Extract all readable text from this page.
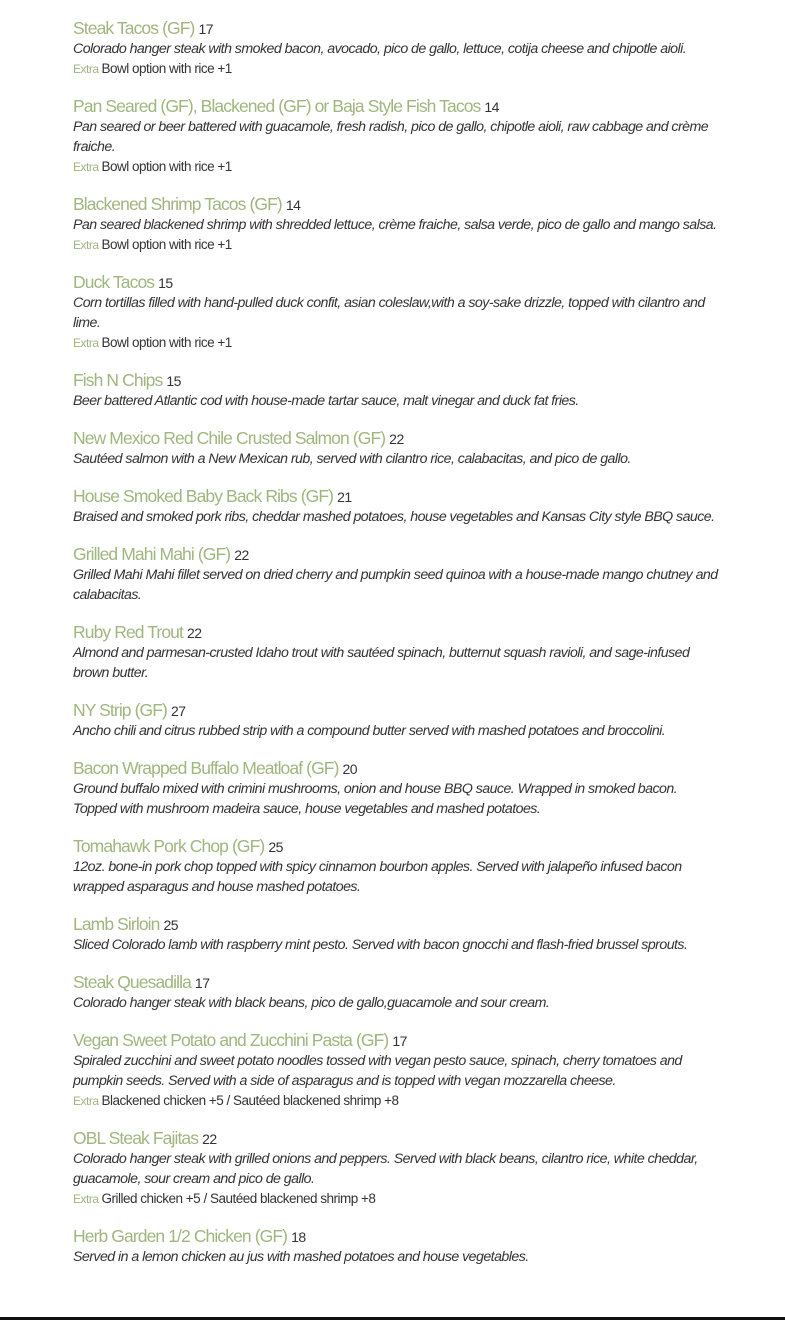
Steak Tacos (GF) 17
Colorado hanger steak with smoked bacon, avocado, pico de gallo, lettuce, cotija cheese and chipotle aioli.
Extra Bowl option with rice +1
Pan Seared (GF), Blackened (GF) or Baja Style Fish Tacos 14
Pan seared or beer battered with guacamole, fresh radish, pico de gallo, chipotle aioli, raw cabbage and crème fraiche.
Extra Bowl option with rice +1
Blackened Shrimp Tacos (GF) 14
Pan seared blackened shrimp with shredded lettuce, crème fraiche, salsa verde, pico de gallo and mango salsa.
Extra Bowl option with rice +1
Duck Tacos 15
Corn tortillas filled with hand-pulled duck confit, asian coleslaw,with a soy-sake drizzle, topped with cilantro and lime.
Extra Bowl option with rice +1
Fish N Chips 15
Beer battered Atlantic cod with house-made tartar sauce, malt vinegar and duck fat fries.
New Mexico Red Chile Crusted Salmon (GF) 22
Sautéed salmon with a New Mexican rub, served with cilantro rice, calabacitas, and pico de gallo.
House Smoked Baby Back Ribs (GF) 21
Braised and smoked pork ribs, cheddar mashed potatoes, house vegetables and Kansas City style BBQ sauce.
Grilled Mahi Mahi (GF) 22
Grilled Mahi Mahi fillet served on dried cherry and pumpkin seed quinoa with a house-made mango chutney and calabacitas.
Ruby Red Trout 22
Almond and parmesan-crusted Idaho trout with sautéed spinach, butternut squash ravioli, and sage-infused brown butter.
NY Strip (GF) 27
Ancho chili and citrus rubbed strip with a compound butter served with mashed potatoes and broccolini.
Bacon Wrapped Buffalo Meatloaf (GF) 20
Ground buffalo mixed with crimini mushrooms, onion and house BBQ sauce. Wrapped in smoked bacon. Topped with mushroom madeira sauce, house vegetables and mashed potatoes.
Tomahawk Pork Chop (GF) 25
12oz. bone-in pork chop topped with spicy cinnamon bourbon apples. Served with jalapeño infused bacon wrapped asparagus and house mashed potatoes.
Lamb Sirloin 25
Sliced Colorado lamb with raspberry mint pesto. Served with bacon gnocchi and flash-fried brussel sprouts.
Steak Quesadilla 17
Colorado hanger steak with black beans, pico de gallo,guacamole and sour cream.
Vegan Sweet Potato and Zucchini Pasta (GF) 17
Spiraled zucchini and sweet potato noodles tossed with vegan pesto sauce, spinach, cherry tomatoes and pumpkin seeds. Served with a side of asparagus and is topped with vegan mozzarella cheese.
Extra Blackened chicken +5 / Sautéed blackened shrimp +8
OBL Steak Fajitas 22
Colorado hanger steak with grilled onions and peppers. Served with black beans, cilantro rice, white cheddar, guacamole, sour cream and pico de gallo.
Extra Grilled chicken +5 / Sautéed blackened shrimp +8
Herb Garden 1/2 Chicken (GF) 18
Served in a lemon chicken au jus with mashed potatoes and house vegetables.
